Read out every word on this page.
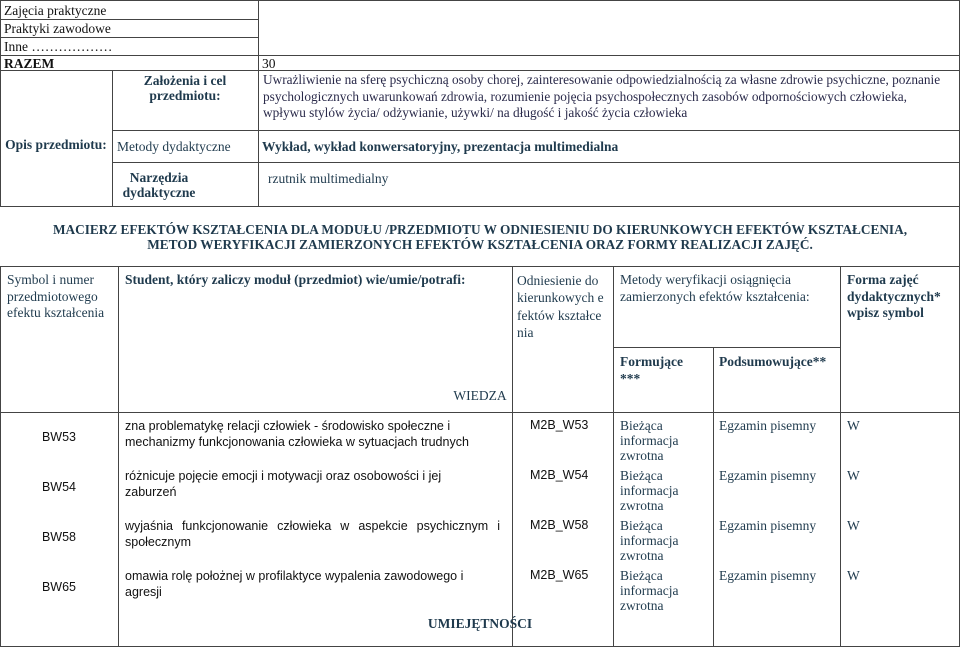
Zajęcia praktyczne
Praktyki zawodowe
Inne ………………
RAZEM	30
Opis przedmiotu:
Założenia i cel przedmiotu:
Uwrażliwienie na sferę psychiczną osoby chorej, zainteresowanie odpowiedzialnością za własne zdrowie psychiczne, poznanie psychologicznych uwarunkowań zdrowia, rozumienie pojęcia psychospołecznych zasobów odpornościowych człowieka, wpływu stylów życia/ odżywianie, używki/ na długość i jakość życia człowieka
Metody dydaktyczne Wykład, wykład konwersatoryjny, prezentacja multimedialna
Narzędzia dydaktyczne
rzutnik multimedialny
MACIERZ EFEKTÓW KSZTAŁCENIA DLA MODUŁU /PRZEDMIOTU W ODNIESIENIU DO KIERUNKOWYCH EFEKTÓW KSZTAŁCENIA,
METOD WERYFIKACJI ZAMIERZONYCH EFEKTÓW KSZTAŁCENIA ORAZ FORMY REALIZACJI ZAJĘĆ.
Symbol i numer przedmiotowego efektu kształcenia
Student, który zaliczy moduł (przedmiot) wie/umie/potrafi:	Odniesienie do kierunkowych efektów kształcenia
Metody weryfikacji osiągnięcia zamierzonych efektów kształcenia:
Forma zajęć dydaktycznych* wpisz symbol
Formujące ***
Podsumowujące**
WIEDZA
BW53
zna problematykę relacji człowiek - środowisko społeczne i mechanizmy funkcjonowania człowieka w sytuacjach trudnych
M2B_W53 Bieżąca informacja zwrotna
Egzamin pisemny W
BW54
różnicuje pojęcie emocji i motywacji oraz osobowości i jej zaburzeń
M2B_W54 Bieżąca informacja zwrotna
Egzamin pisemny W
BW58
wyjaśnia funkcjonowanie człowieka w aspekcie psychicznym i społecznym
M2B_W58 Bieżąca informacja zwrotna
Egzamin pisemny W
BW65
omawia rolę położnej w profilaktyce wypalenia zawodowego i agresji
M2B_W65 Bieżąca informacja zwrotna
Egzamin pisemny W
UMIEJĘTNOŚCI
